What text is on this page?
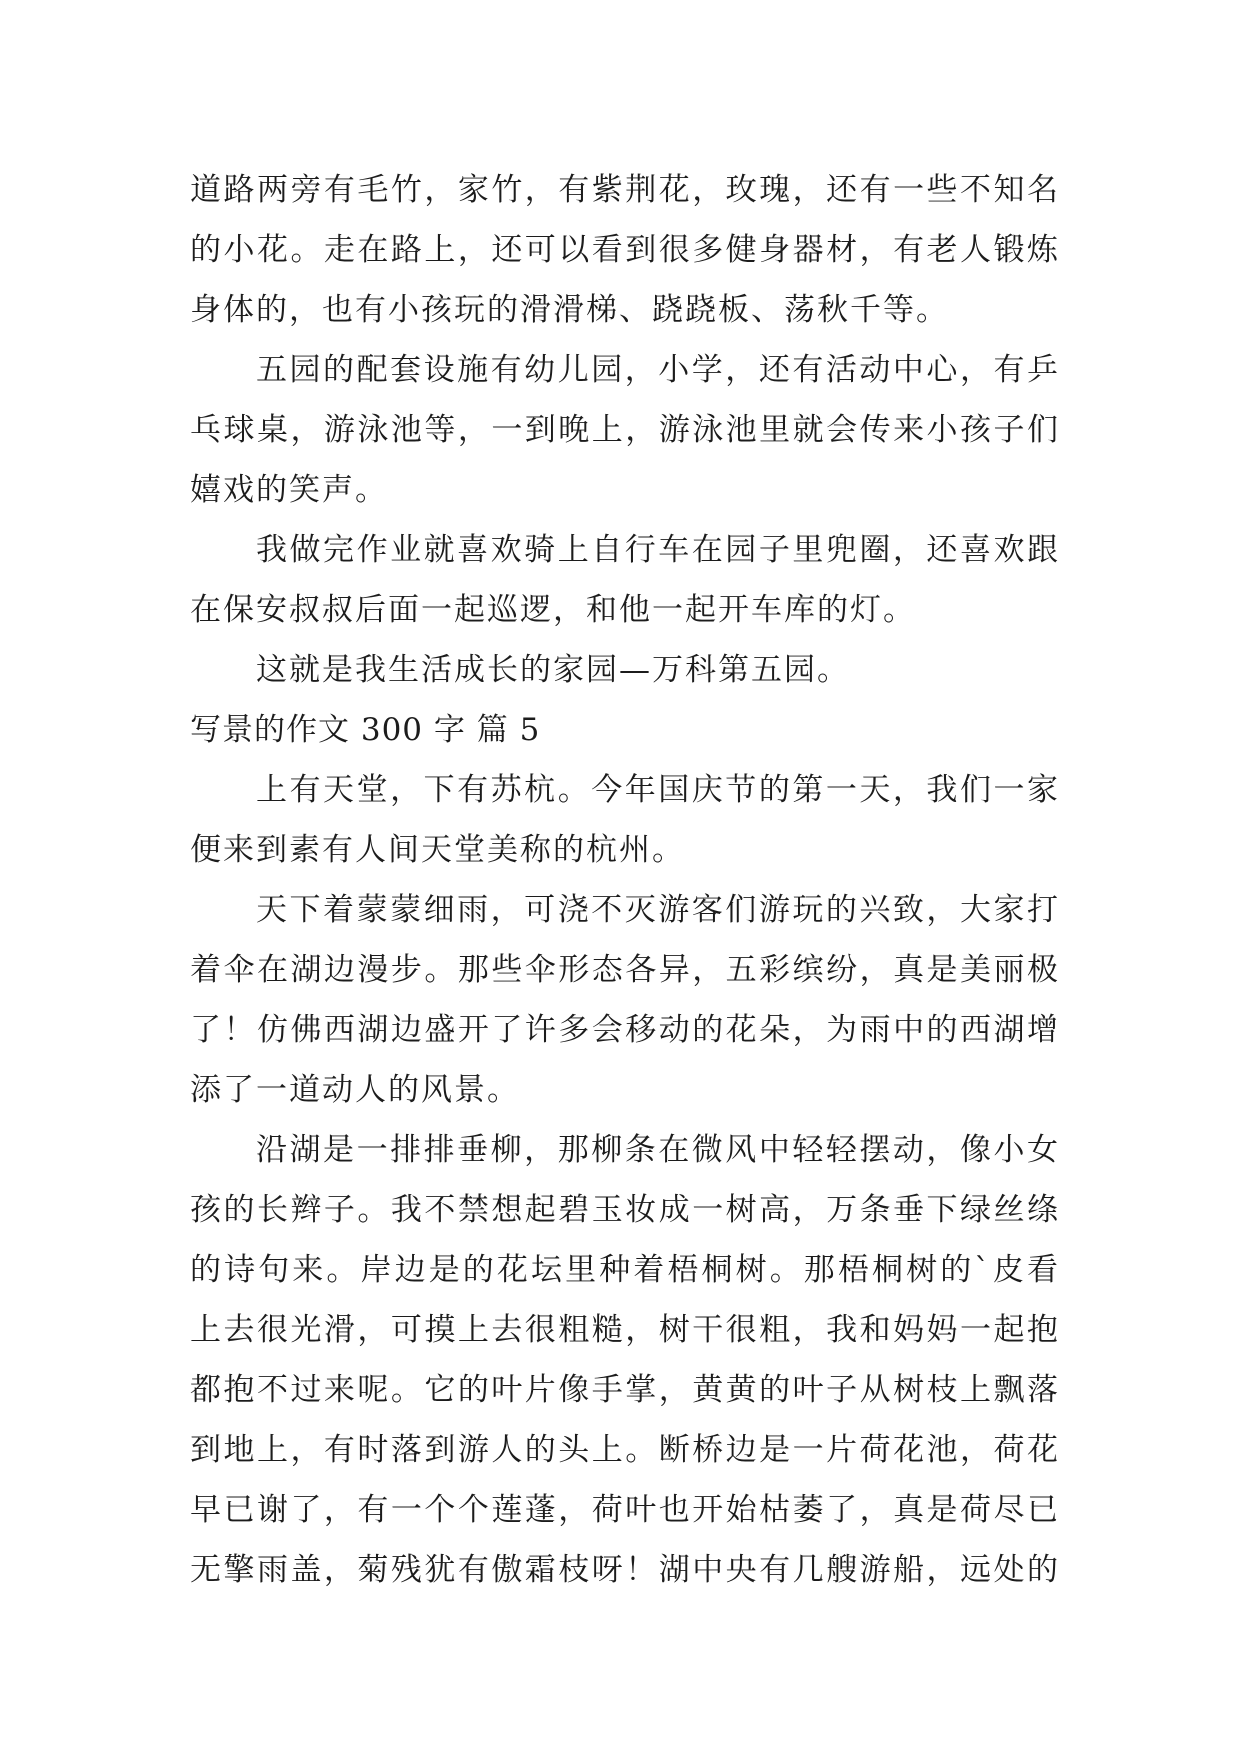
道路两旁有毛竹，家竹，有紫荆花，玫瑰，还有一些不知名
的小花。走在路上，还可以看到很多健身器材，有老人锻炼
身体的，也有小孩玩的滑滑梯、跷跷板、荡秋千等。
五园的配套设施有幼儿园，小学，还有活动中心，有乒
乓球桌，游泳池等，一到晚上，游泳池里就会传来小孩子们
嬉戏的笑声。
我做完作业就喜欢骑上自行车在园子里兜圈，还喜欢跟
在保安叔叔后面一起巡逻，和他一起开车库的灯。
这就是我生活成长的家园—万科第五园。
写景的作文 300 字 篇 5
上有天堂，下有苏杭。今年国庆节的第一天，我们一家
便来到素有人间天堂美称的杭州。
天下着蒙蒙细雨，可浇不灭游客们游玩的兴致，大家打
着伞在湖边漫步。那些伞形态各异，五彩缤纷，真是美丽极
了！仿佛西湖边盛开了许多会移动的花朵，为雨中的西湖增
添了一道动人的风景。
沿湖是一排排垂柳，那柳条在微风中轻轻摆动，像小女
孩的长辫子。我不禁想起碧玉妆成一树高，万条垂下绿丝绦
的诗句来。岸边是的花坛里种着梧桐树。那梧桐树的`皮看
上去很光滑，可摸上去很粗糙，树干很粗，我和妈妈一起抱
都抱不过来呢。它的叶片像手掌，黄黄的叶子从树枝上飘落
到地上，有时落到游人的头上。断桥边是一片荷花池，荷花
早已谢了，有一个个莲蓬，荷叶也开始枯萎了，真是荷尽已
无擎雨盖，菊残犹有傲霜枝呀！湖中央有几艘游船，远处的
